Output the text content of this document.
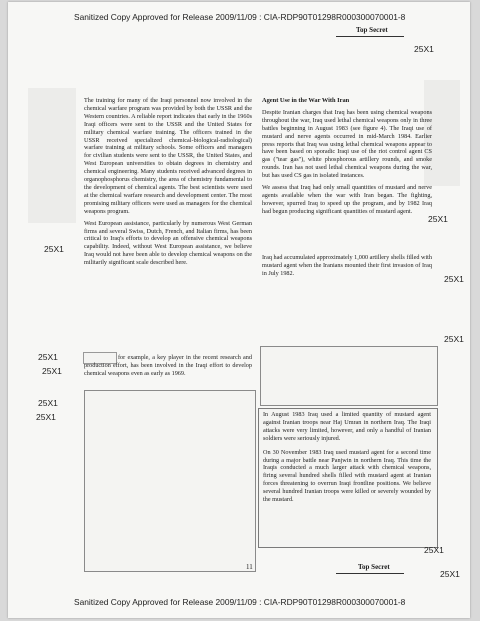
Sanitized Copy Approved for Release 2009/11/09 : CIA-RDP90T01298R000300070001-8
Top Secret
25X1

The training for many of the Iraqi personnel now involved in the chemical warfare program was provided by both the USSR and the Western countries. A reliable report indicates that early in the 1960s Iraqi officers were sent to the USSR and the United States for military chemical warfare training. The officers trained in the USSR received specialized chemical-biological-radiological) warfare training at military schools. Some officers and managers for civilian students were sent to the USSR, the United States, and West European universities to obtain degrees in chemistry and chemical engineering. Many students received advanced degrees in organophosphorus chemistry, the area of chemistry fundamental to the development of chemical agents. The best scientists were used at the chemical warfare research and development center. The most promising military officers were used as managers for the chemical weapons program.

West European assistance, particularly by numerous West German firms and several Swiss, Dutch, French, and Italian firms, has been critical to Iraq's efforts to develop an offensive chemical weapons capability. Indeed, without West European assistance, we believe Iraq would not have been able to develop chemical weapons on the militarily significant scale described here.

for example, a key player in the recent research and production effort, has been involved in the Iraqi effort to develop chemical weapons even as early as 1969.
Agent Use in the War With Iran

Despite Iranian charges that Iraq has been using chemical weapons throughout the war, Iraq used lethal chemical weapons only in three battles beginning in August 1983 (see figure 4). The Iraqi use of mustard and nerve agents occurred in mid-March 1984. Earlier press reports that Iraq was using lethal chemical weapons appear to have been based on sporadic Iraqi use of the riot control agent CS gas ("tear gas"), white phosphorous artillery rounds, and smoke rounds. Iran has not used lethal chemical weapons during the war, but has used CS gas in isolated instances.

We assess that Iraq had only small quantities of mustard and nerve agents available when the war with Iran began. The fighting, however, spurred Iraq to speed up the program, and by 1982 Iraq had begun producing significant quantities of mustard agent.

Iraq had accumulated approximately 1,000 artillery shells filled with mustard agent when the Iranians mounted their first invasion of Iraq in July 1982.

In August 1983 Iraq used a limited quantity of mustard agent against Iranian troops near Haj Umran in northern Iraq. The Iraqi attacks were very limited, however, and only a handful of Iranian soldiers were seriously injured.

On 30 November 1983 Iraq used mustard agent for a second time during a major battle near Panjwin in northern Iraq. This time the Iraqis conducted a much larger attack with chemical weapons, firing several hundred shells filled with mustard agent at Iranian forces threatening to overrun Iraqi frontline positions. We believe several hundred Iranian troops were killed or severely wounded by the mustard.

25X1
25X1
25X1
25X1
25X1
25X1
25X1
25X1
25X1
25X1
11	Top Secret
Sanitized Copy Approved for Release 2009/11/09 : CIA-RDP90T01298R000300070001-8
